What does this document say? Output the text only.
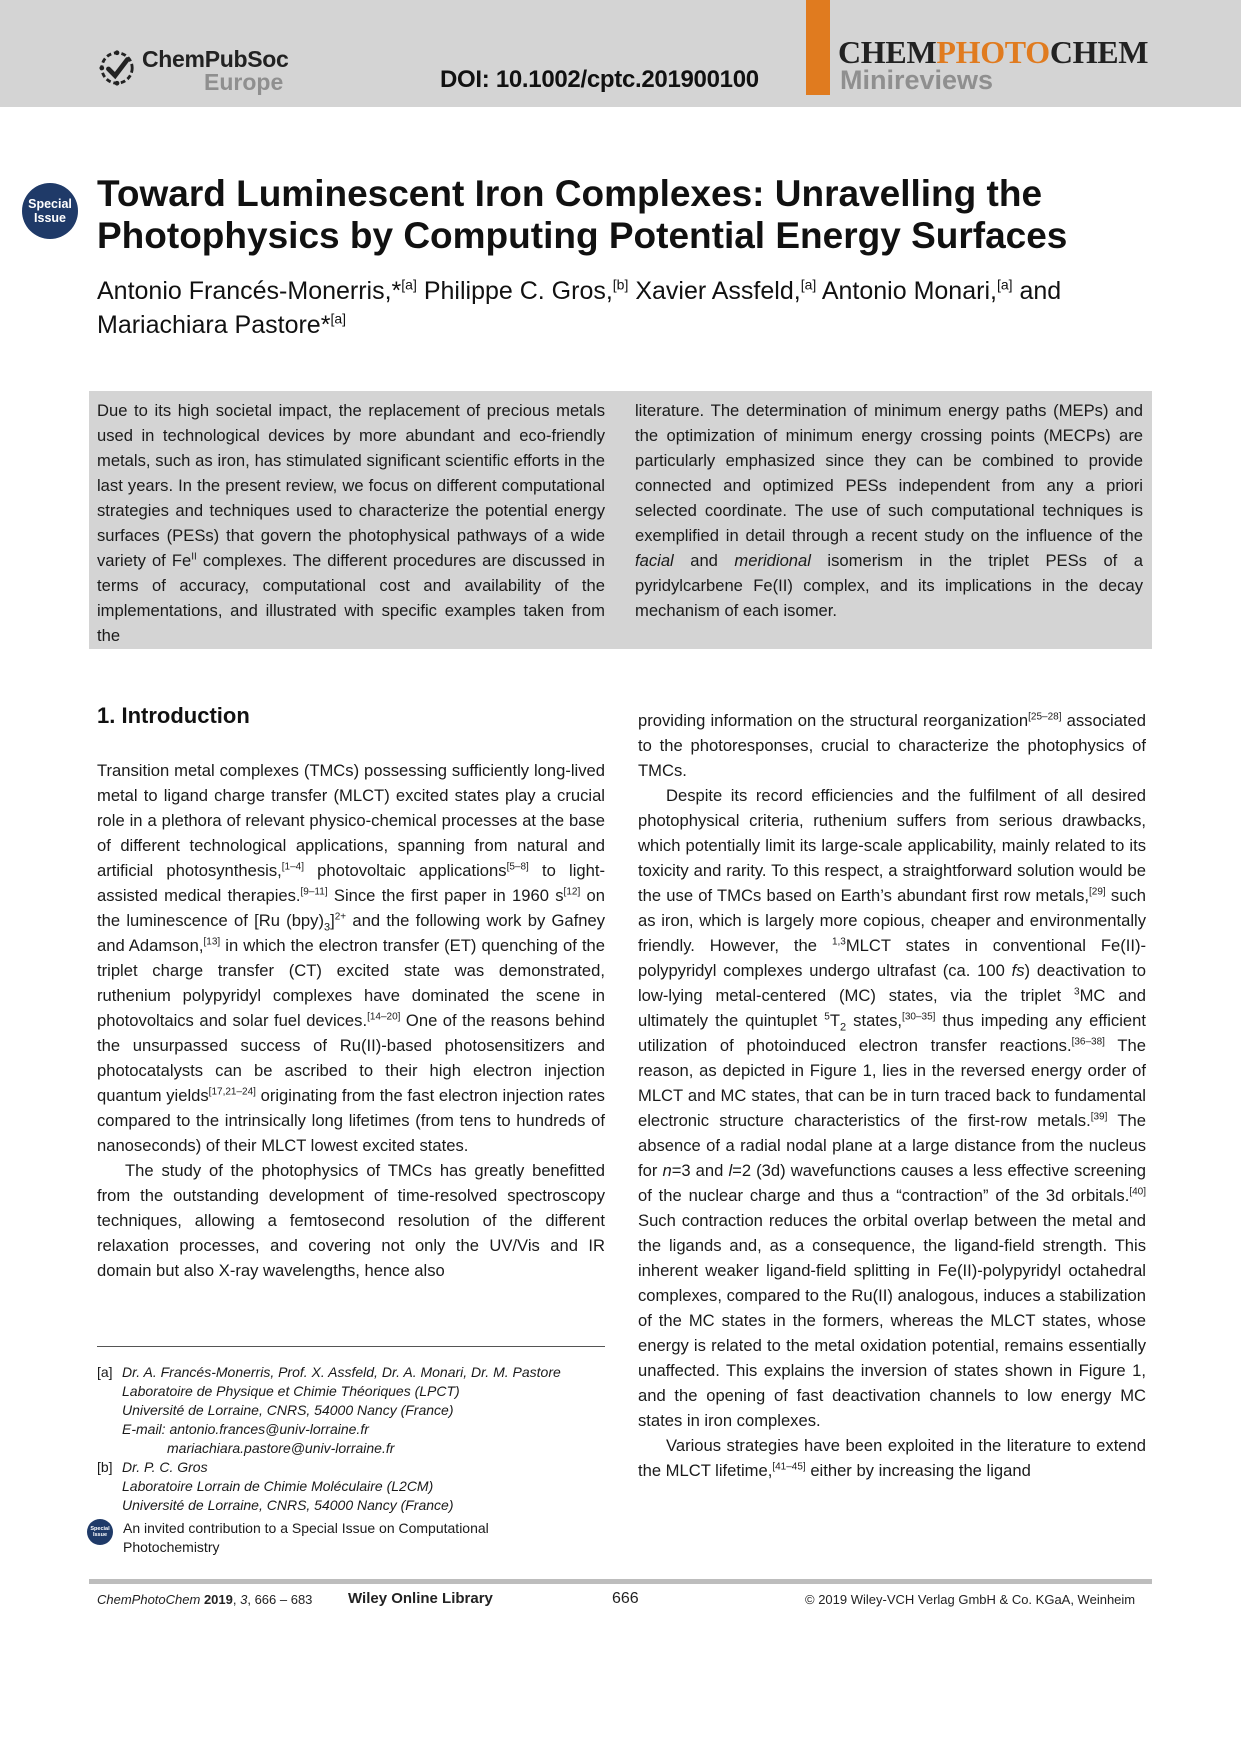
ChemPubSoc
Europe	DOI: 10.1002/cptc.201900100
CHEMPHOTOCHEM
Minireviews
Special
Issue
Toward Luminescent Iron Complexes: Unravelling the Photophysics by Computing Potential Energy Surfaces
Antonio Francés-Monerris,*[a] Philippe C. Gros,[b] Xavier Assfeld,[a] Antonio Monari,[a] and Mariachiara Pastore*[a]
Due to its high societal impact, the replacement of precious metals used in technological devices by more abundant and eco-friendly metals, such as iron, has stimulated significant scientific efforts in the last years. In the present review, we focus on different computational strategies and techniques used to characterize the potential energy surfaces (PESs) that govern the photophysical pathways of a wide variety of $Fe^{II}$ complexes. The different procedures are discussed in terms of accuracy, computational cost and availability of the implementations, and illustrated with specific examples taken from the
literature. The determination of minimum energy paths (MEPs) and the optimization of minimum energy crossing points (MECPs) are particularly emphasized since they can be combined to provide connected and optimized PESs independent from any a priori selected coordinate. The use of such computational techniques is exemplified in detail through a recent study on the influence of the facial and meridional isomerism in the triplet PESs of a pyridylcarbene Fe(II) complex, and its implications in the decay mechanism of each isomer.
1. Introduction

Transition metal complexes (TMCs) possessing sufficiently long-lived metal to ligand charge transfer (MLCT) excited states play a crucial role in a plethora of relevant physico-chemical processes at the base of different technological applications, spanning from natural and artificial photosynthesis,[1–4] photovoltaic applications[5–8] to light-assisted medical therapies.[9–11] Since the first paper in 1960 s[12] on the luminescence of [Ru $(bpy)_3]^{2+}$ and the following work by Gafney and Adamson,[13] in which the electron transfer (ET) quenching of the triplet charge transfer (CT) excited state was demonstrated, ruthenium polypyridyl complexes have dominated the scene in photovoltaics and solar fuel devices.[14–20] One of the reasons behind the unsurpassed success of Ru(II)-based photosensitizers and photocatalysts can be ascribed to their high electron injection quantum yields[17,21–24] originating from the fast electron injection rates compared to the intrinsically long lifetimes (from tens to hundreds of nanoseconds) of their MLCT lowest excited states.

The study of the photophysics of TMCs has greatly benefitted from the outstanding development of time-resolved spectroscopy techniques, allowing a femtosecond resolution of the different relaxation processes, and covering not only the UV/Vis and IR domain but also X-ray wavelengths, hence also

providing information on the structural reorganization[25–28] associated to the photoresponses, crucial to characterize the photophysics of TMCs.

Despite its record efficiencies and the fulfilment of all desired photophysical criteria, ruthenium suffers from serious drawbacks, which potentially limit its large-scale applicability, mainly related to its toxicity and rarity. To this respect, a straightforward solution would be the use of TMCs based on Earth’s abundant first row metals,[29] such as iron, which is largely more copious, cheaper and environmentally friendly. However, the $^{1,3}$MLCT states in conventional Fe(II)-polypyridyl complexes undergo ultrafast (ca. 100 fs) deactivation to low-lying metal-centered (MC) states, via the triplet $^3$MC and ultimately the quintuplet $^5T_2$ states,[30–35] thus impeding any efficient utilization of photoinduced electron transfer reactions.[36–38] The reason, as depicted in Figure 1, lies in the reversed energy order of MLCT and MC states, that can be in turn traced back to fundamental electronic structure characteristics of the first-row metals.[39] The absence of a radial nodal plane at a large distance from the nucleus for n=3 and l=2 (3d) wavefunctions causes a less effective screening of the nuclear charge and thus a “contraction” of the 3d orbitals.[40] Such contraction reduces the orbital overlap between the metal and the ligands and, as a consequence, the ligand-field strength. This inherent weaker ligand-field splitting in Fe(II)-polypyridyl octahedral complexes, compared to the Ru(II) analogous, induces a stabilization of the MC states in the formers, whereas the MLCT states, whose energy is related to the metal oxidation potential, remains essentially unaffected. This explains the inversion of states shown in Figure 1, and the opening of fast deactivation channels to low energy MC states in iron complexes.

Various strategies have been exploited in the literature to extend the MLCT lifetime,[41–45] either by increasing the ligand

[a] Dr. A. Francés-Monerris, Prof. X. Assfeld, Dr. A. Monari, Dr. M. Pastore
Laboratoire de Physique et Chimie Théoriques (LPCT)
Université de Lorraine, CNRS, 54000 Nancy (France)
E-mail: antonio.frances@univ-lorraine.fr
mariachiara.pastore@univ-lorraine.fr
[b] Dr. P. C. Gros
Laboratoire Lorrain de Chimie Moléculaire (L2CM)
Université de Lorraine, CNRS, 54000 Nancy (France)
Special
Issue	An invited contribution to a Special Issue on Computational
Photochemistry
ChemPhotoChem 2019, 3, 666 – 683 Wiley Online Library	666	© 2019 Wiley-VCH Verlag GmbH & Co. KGaA, Weinheim
